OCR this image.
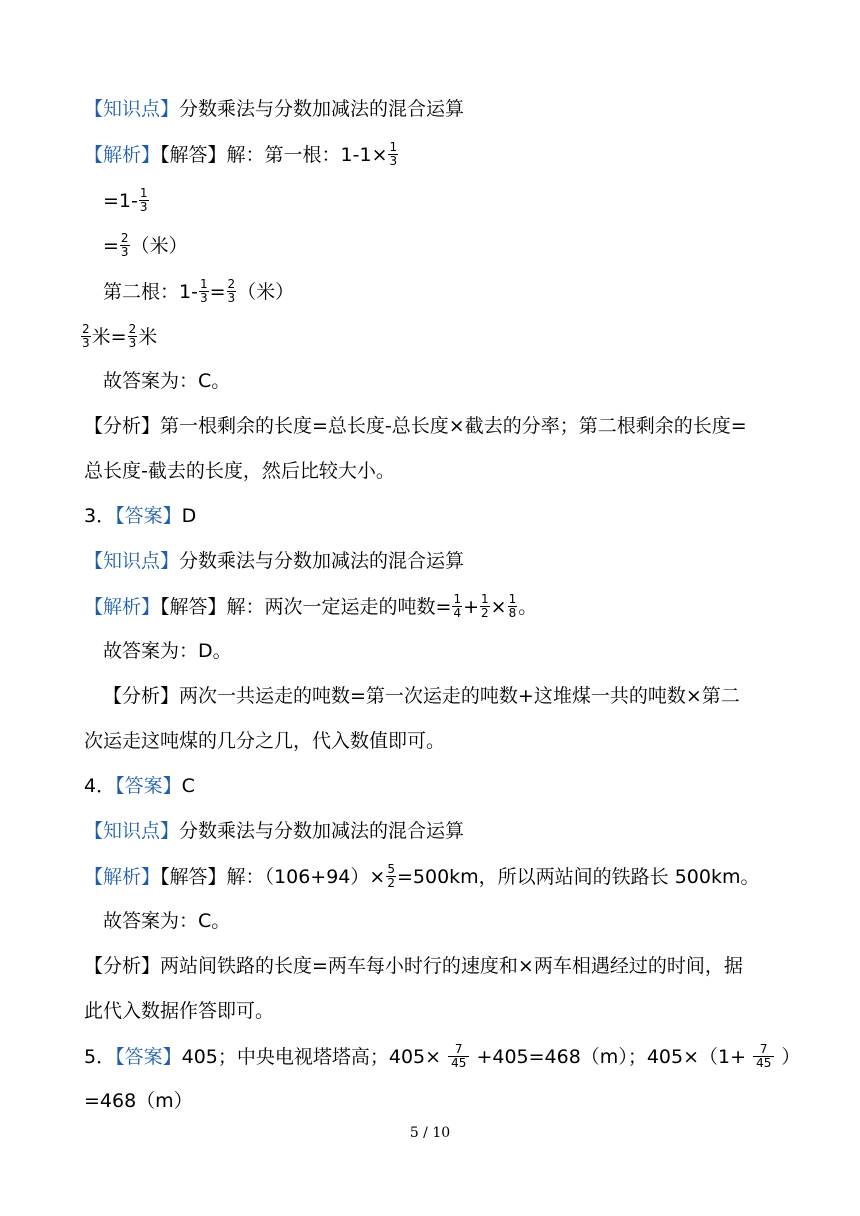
【知识点】分数乘法与分数加减法的混合运算
【解析】【解答】解：第一根：$1-1\times \frac{1}{3}$
$=1- \frac{1}{3}$
= $\frac{2}{3}$ （米）
第二根：$1- \frac{1}{3} = \frac{2}{3}$ （米）
$\frac{2}{3}$ 米= $\frac{2}{3}$ 米
故答案为：C。
【分析】第一根剩余的长度=总长度-总长度×截去的分率；第二根剩余的长度=
总长度-截去的长度，然后比较大小。
3．【答案】D
【知识点】分数乘法与分数加减法的混合运算
【解析】【解答】解：两次一定运走的吨数= $\frac{1}{4} + \frac{1}{2} \times \frac{1}{8}$ 。
故答案为：D。
【分析】两次一共运走的吨数=第一次运走的吨数+这堆煤一共的吨数×第二
次运走这吨煤的几分之几，代入数值即可。
4．【答案】C
【知识点】分数乘法与分数加减法的混合运算
【解析】【解答】解：$(106+94)\times \frac{5}{2} =500km$，所以两站间的铁路长 500km。
故答案为：C。
【分析】两站间铁路的长度=两车每小时行的速度和×两车相遇经过的时间，据
此代入数据作答即可。
5．【答案】405；中央电视塔塔高；$405\times \frac{7}{45} +405=468(m)$；$405\times(1+ \frac{7}{45}$ ）
=468（m）
5 / 10
